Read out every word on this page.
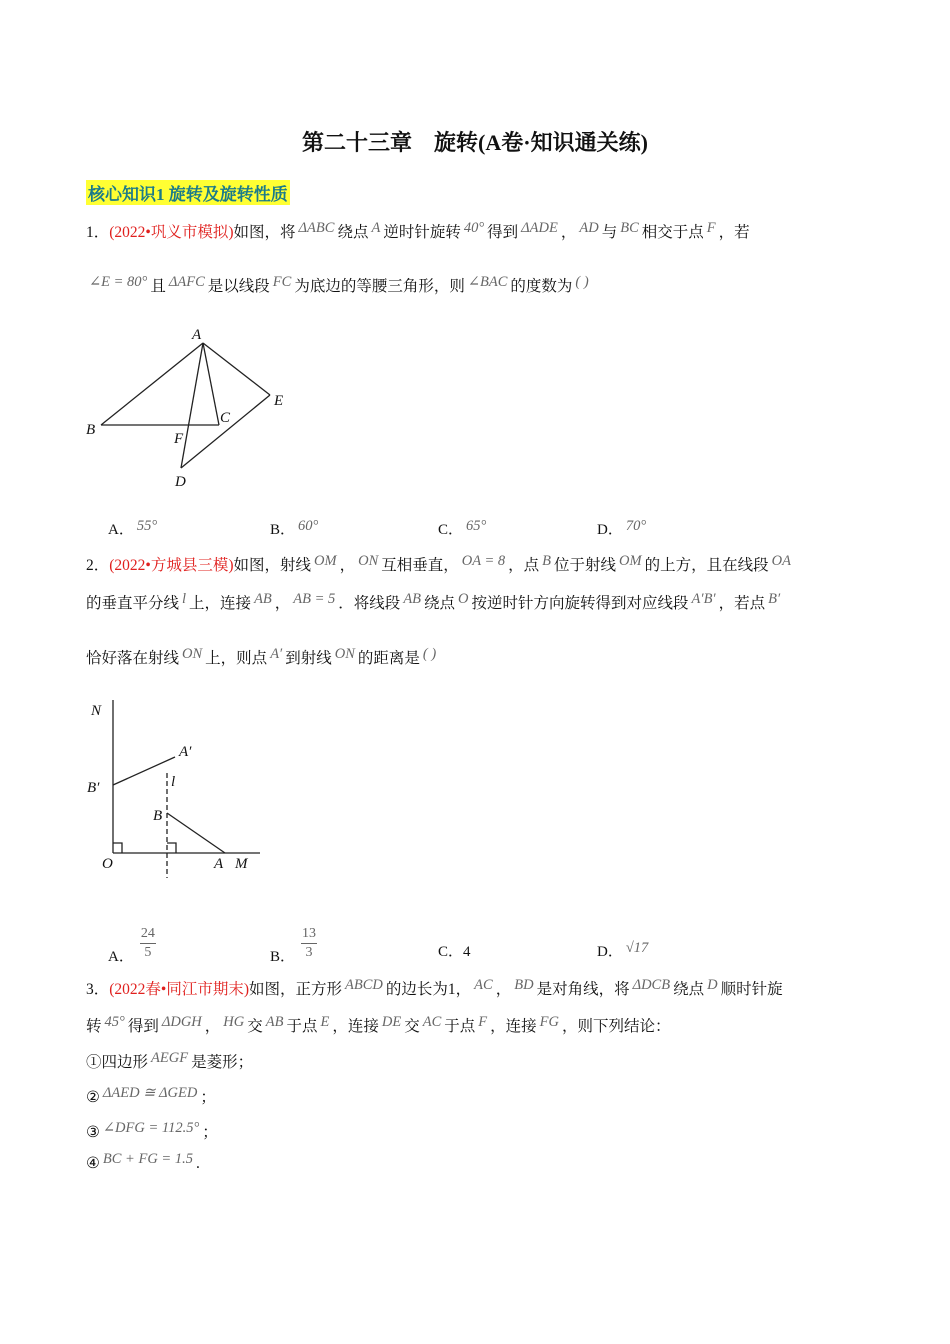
第二十三章　旋转(A卷·知识通关练)
核心知识1 旋转及旋转性质
1．(2022•巩义市模拟)如图，将 ΔABC 绕点 A 逆时针旋转 40° 得到 ΔADE ， AD 与 BC 相交于点 F ，若
∠E = 80° 且 ΔAFC 是以线段 FC 为底边的等腰三角形，则 ∠BAC 的度数为 ( )
2．(2022•方城县三模)如图，射线 OM ， ON 互相垂直， OA = 8 ，点 B 位于射线 OM 的上方，且在线段 OA
的垂直平分线 l 上，连接 AB ， AB = 5 ．将线段 AB 绕点 O 按逆时针方向旋转得到对应线段 A′B′ ，若点 B′
恰好落在射线 ON 上，则点 A′ 到射线 ON 的距离是 ( )
3．(2022春•同江市期末)如图，正方形 ABCD 的边长为1， AC ， BD 是对角线，将 ΔDCB 绕点 D 顺时针旋
转 45° 得到 ΔDGH ， HG 交 AB 于点 E ，连接 DE 交 AC 于点 F ，连接 FG ，则下列结论：
①四边形 AEGF 是菱形；
② ΔAED ≅ ΔGED ；
③ ∠DFG = 112.5° ；
④ BC + FG = 1.5 .
A
B
C
E
F
D
N
A′
l
B′
B
O	A M
A． 55°	B． 60°	C． 65°	D． 70°
A． $\frac{24}{5}$	B． $\frac{13}{3}$	C．4	D． √17
